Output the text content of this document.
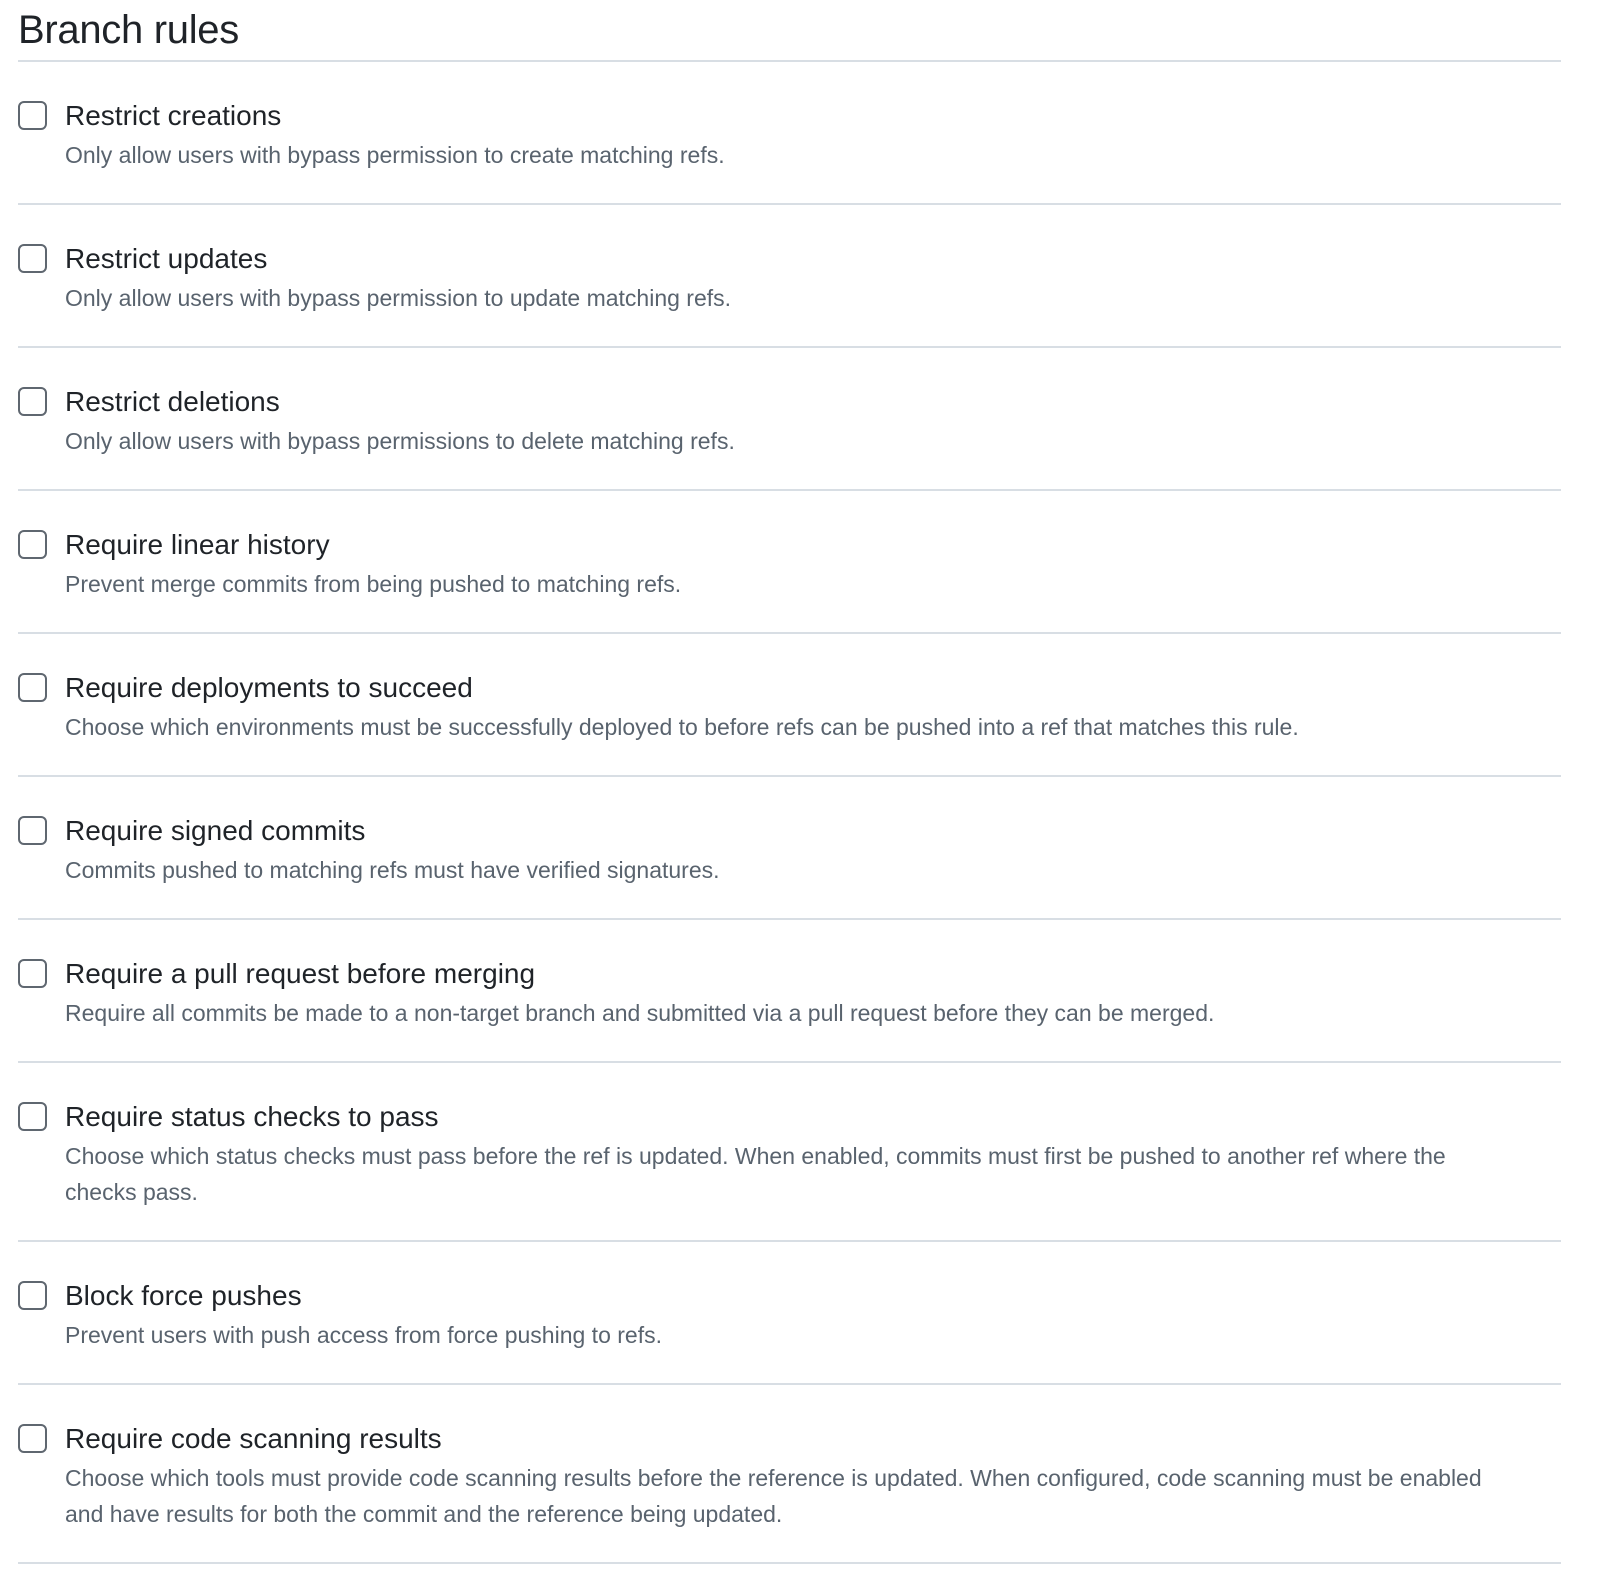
Branch rules
Restrict creations
Only allow users with bypass permission to create matching refs.
Restrict updates
Only allow users with bypass permission to update matching refs.
Restrict deletions
Only allow users with bypass permissions to delete matching refs.
Require linear history
Prevent merge commits from being pushed to matching refs.
Require deployments to succeed
Choose which environments must be successfully deployed to before refs can be pushed into a ref that matches this rule.
Require signed commits
Commits pushed to matching refs must have verified signatures.
Require a pull request before merging
Require all commits be made to a non-target branch and submitted via a pull request before they can be merged.
Require status checks to pass
Choose which status checks must pass before the ref is updated. When enabled, commits must first be pushed to another ref where the checks pass.
Block force pushes
Prevent users with push access from force pushing to refs.
Require code scanning results
Choose which tools must provide code scanning results before the reference is updated. When configured, code scanning must be enabled and have results for both the commit and the reference being updated.
